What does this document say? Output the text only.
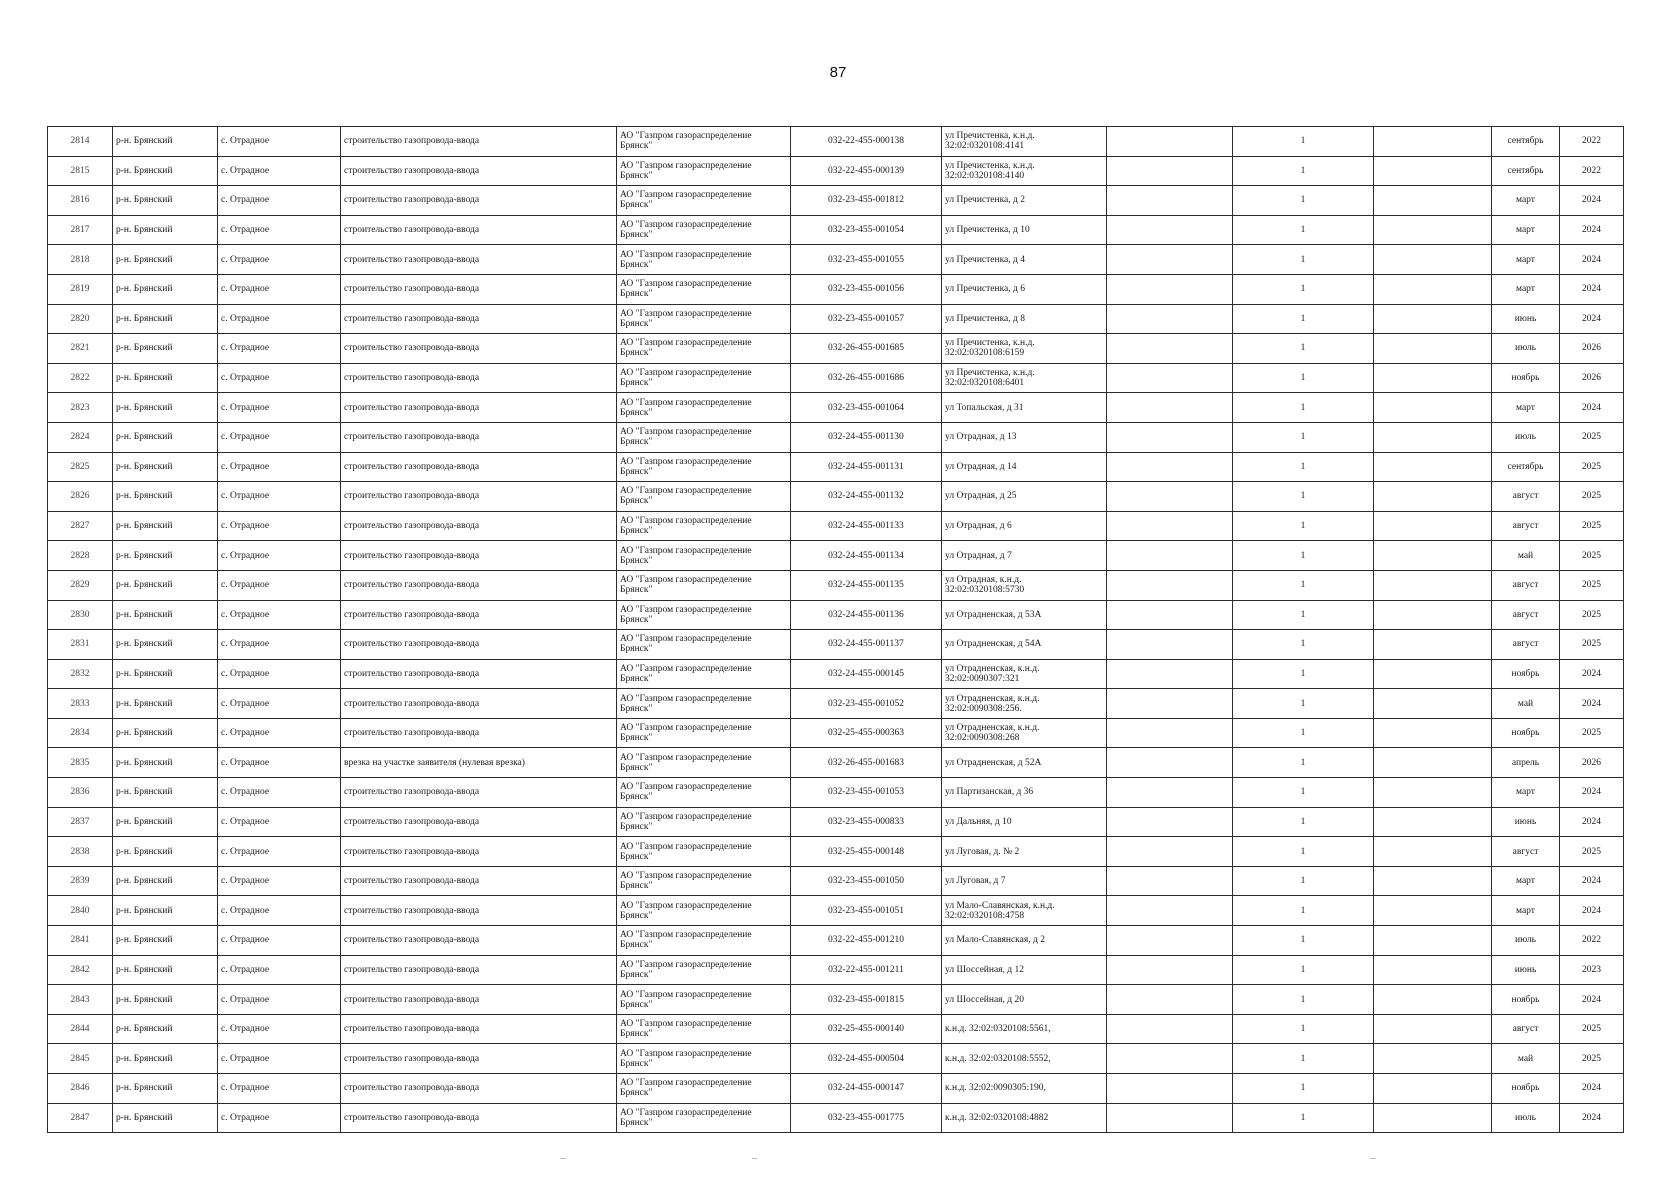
87
2814	р-н. Брянский	с. Отрадное	строительство газопровода-ввода	АО "Газпром газораспределение
Брянск"	032-22-455-000138	ул Пречистенка, к.н.д.
32:02:0320108:4141		1		сентябрь	2022
2815	р-н. Брянский	с. Отрадное	строительство газопровода-ввода	АО "Газпром газораспределение
Брянск"	032-22-455-000139	ул Пречистенка, к.н.д.
32:02:0320108:4140		1		сентябрь	2022
2816	р-н. Брянский	с. Отрадное	строительство газопровода-ввода	АО "Газпром газораспределение
Брянск"	032-23-455-001812	ул Пречистенка, д 2		1		март	2024
2817	р-н. Брянский	с. Отрадное	строительство газопровода-ввода	АО "Газпром газораспределение
Брянск"	032-23-455-001054	ул Пречистенка, д 10		1		март	2024
2818	р-н. Брянский	с. Отрадное	строительство газопровода-ввода	АО "Газпром газораспределение
Брянск"	032-23-455-001055	ул Пречистенка, д 4		1		март	2024
2819	р-н. Брянский	с. Отрадное	строительство газопровода-ввода	АО "Газпром газораспределение
Брянск"	032-23-455-001056	ул Пречистенка, д 6		1		март	2024
2820	р-н. Брянский	с. Отрадное	строительство газопровода-ввода	АО "Газпром газораспределение
Брянск"	032-23-455-001057	ул Пречистенка, д 8		1		июнь	2024
2821	р-н. Брянский	с. Отрадное	строительство газопровода-ввода	АО "Газпром газораспределение
Брянск"	032-26-455-001685	ул Пречистенка, к.н.д.
32:02:0320108:6159		1		июль	2026
2822	р-н. Брянский	с. Отрадное	строительство газопровода-ввода	АО "Газпром газораспределение
Брянск"	032-26-455-001686	ул Пречистенка, к.н.д.
32:02:0320108:6401		1		ноябрь	2026
2823	р-н. Брянский	с. Отрадное	строительство газопровода-ввода	АО "Газпром газораспределение
Брянск"	032-23-455-001064	ул Топальская, д 31		1		март	2024
2824	р-н. Брянский	с. Отрадное	строительство газопровода-ввода	АО "Газпром газораспределение
Брянск"	032-24-455-001130	ул Отрадная, д 13		1		июль	2025
2825	р-н. Брянский	с. Отрадное	строительство газопровода-ввода	АО "Газпром газораспределение
Брянск"	032-24-455-001131	ул Отрадная, д 14		1		сентябрь	2025
2826	р-н. Брянский	с. Отрадное	строительство газопровода-ввода	АО "Газпром газораспределение
Брянск"	032-24-455-001132	ул Отрадная, д 25		1		август	2025
2827	р-н. Брянский	с. Отрадное	строительство газопровода-ввода	АО "Газпром газораспределение
Брянск"	032-24-455-001133	ул Отрадная, д 6		1		август	2025
2828	р-н. Брянский	с. Отрадное	строительство газопровода-ввода	АО "Газпром газораспределение
Брянск"	032-24-455-001134	ул Отрадная, д 7		1		май	2025
2829	р-н. Брянский	с. Отрадное	строительство газопровода-ввода	АО "Газпром газораспределение
Брянск"	032-24-455-001135	ул Отрадная, к.н.д.
32:02:0320108:5730		1		август	2025
2830	р-н. Брянский	с. Отрадное	строительство газопровода-ввода	АО "Газпром газораспределение
Брянск"	032-24-455-001136	ул Отрадненская, д 53А		1		август	2025
2831	р-н. Брянский	с. Отрадное	строительство газопровода-ввода	АО "Газпром газораспределение
Брянск"	032-24-455-001137	ул Отрадненская, д 54А		1		август	2025
2832	р-н. Брянский	с. Отрадное	строительство газопровода-ввода	АО "Газпром газораспределение
Брянск"	032-24-455-000145	ул Отрадненская, к.н.д.
32:02:0090307:321		1		ноябрь	2024
2833	р-н. Брянский	с. Отрадное	строительство газопровода-ввода	АО "Газпром газораспределение
Брянск"	032-23-455-001052	ул Отрадненская, к.н.д.
32:02:0090308:256.		1		май	2024
2834	р-н. Брянский	с. Отрадное	строительство газопровода-ввода	АО "Газпром газораспределение
Брянск"	032-25-455-000363	ул Отрадненская, к.н.д.
32:02:0090308:268		1		ноябрь	2025
2835	р-н. Брянский	с. Отрадное	врезка на участке заявителя (нулевая врезка)	АО "Газпром газораспределение
Брянск"	032-26-455-001683	ул Отрадненская, д 52А		1		апрель	2026
2836	р-н. Брянский	с. Отрадное	строительство газопровода-ввода	АО "Газпром газораспределение
Брянск"	032-23-455-001053	ул Партизанская, д 36		1		март	2024
2837	р-н. Брянский	с. Отрадное	строительство газопровода-ввода	АО "Газпром газораспределение
Брянск"	032-23-455-000833	ул Дальняя, д 10		1		июнь	2024
2838	р-н. Брянский	с. Отрадное	строительство газопровода-ввода	АО "Газпром газораспределение
Брянск"	032-25-455-000148	ул Луговая, д. № 2		1		август	2025
2839	р-н. Брянский	с. Отрадное	строительство газопровода-ввода	АО "Газпром газораспределение
Брянск"	032-23-455-001050	ул Луговая, д 7		1		март	2024
2840	р-н. Брянский	с. Отрадное	строительство газопровода-ввода	АО "Газпром газораспределение
Брянск"	032-23-455-001051	ул Мало-Славянская, к.н.д.
32:02:0320108:4758		1		март	2024
2841	р-н. Брянский	с. Отрадное	строительство газопровода-ввода	АО "Газпром газораспределение
Брянск"	032-22-455-001210	ул Мало-Славянская, д 2		1		июль	2022
2842	р-н. Брянский	с. Отрадное	строительство газопровода-ввода	АО "Газпром газораспределение
Брянск"	032-22-455-001211	ул Шоссейная, д 12		1		июнь	2023
2843	р-н. Брянский	с. Отрадное	строительство газопровода-ввода	АО "Газпром газораспределение
Брянск"	032-23-455-001815	ул Шоссейная, д 20		1		ноябрь	2024
2844	р-н. Брянский	с. Отрадное	строительство газопровода-ввода	АО "Газпром газораспределение
Брянск"	032-25-455-000140	к.н.д. 32:02:0320108:5561,		1		август	2025
2845	р-н. Брянский	с. Отрадное	строительство газопровода-ввода	АО "Газпром газораспределение
Брянск"	032-24-455-000504	к.н.д. 32:02:0320108:5552,		1		май	2025
2846	р-н. Брянский	с. Отрадное	строительство газопровода-ввода	АО "Газпром газораспределение
Брянск"	032-24-455-000147	к.н.д. 32:02:0090305:190,		1		ноябрь	2024
2847	р-н. Брянский	с. Отрадное	строительство газопровода-ввода	АО "Газпром газораспределение
Брянск"	032-23-455-001775	к.н.д. 32:02:0320108:4882		1		июль	2024
